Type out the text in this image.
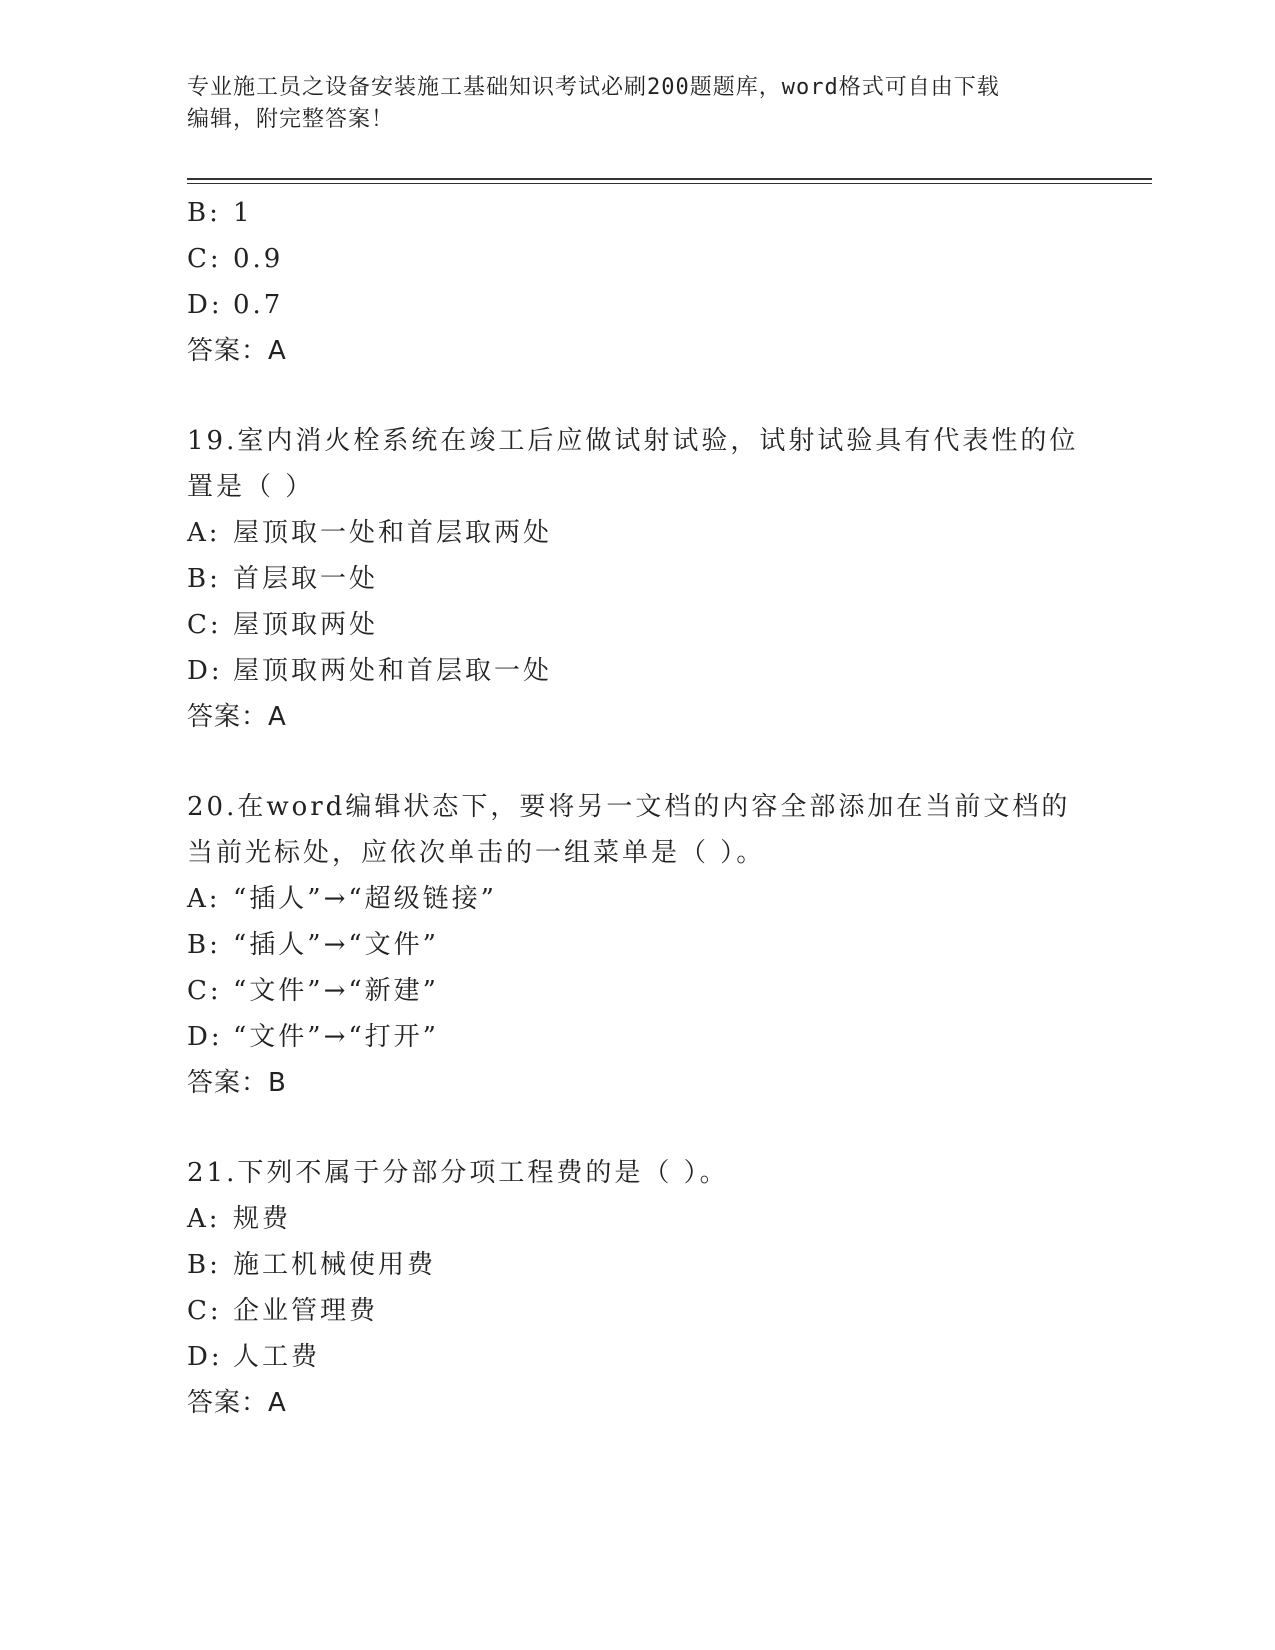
专业施工员之设备安装施工基础知识考试必刷200题题库，word格式可自由下载
编辑，附完整答案！
B: 1
C: 0.9
D: 0.7
答案：A
19.室内消火栓系统在竣工后应做试射试验，试射试验具有代表性的位
置是（ ）
A: 屋顶取一处和首层取两处
B: 首层取一处
C: 屋顶取两处
D: 屋顶取两处和首层取一处
答案：A
20.在word编辑状态下，要将另一文档的内容全部添加在当前文档的
当前光标处，应依次单击的一组菜单是（ ）。
A: “插人”→“超级链接”
B: “插人”→“文件”
C: “文件”→“新建”
D: “文件”→“打开”
答案：B
21.下列不属于分部分项工程费的是（ ）。
A: 规费
B: 施工机械使用费
C: 企业管理费
D: 人工费
答案：A
